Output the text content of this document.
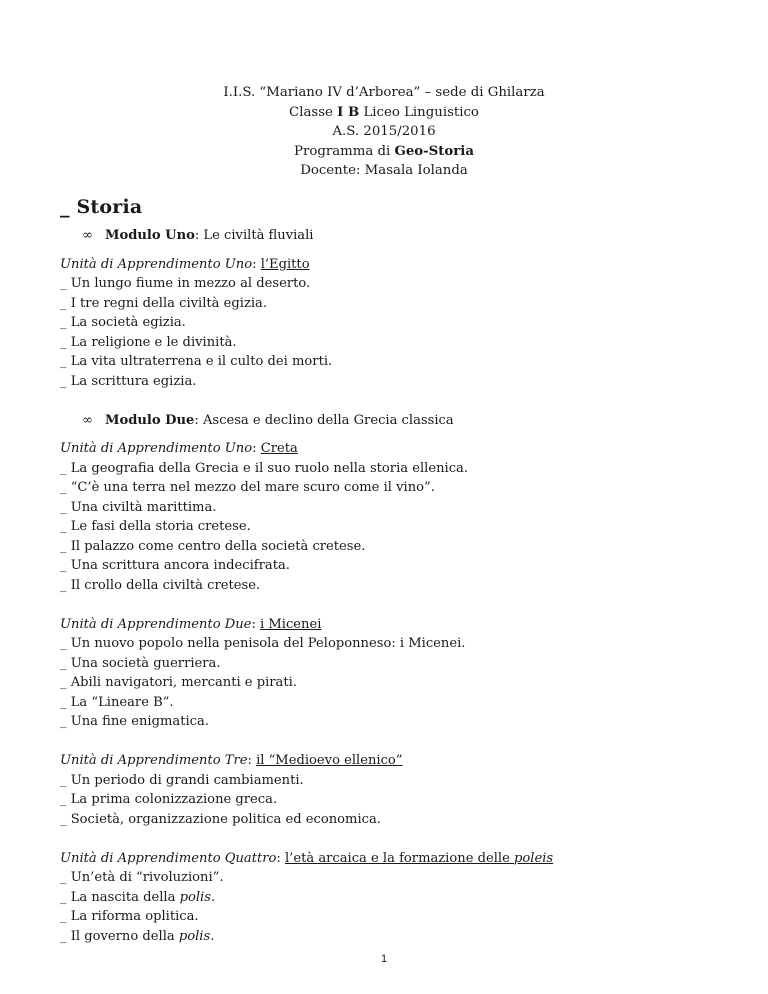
I.I.S. “Mariano IV d’Arborea” – sede di Ghilarza
Classe I B Liceo Linguistico
A.S. 2015/2016
Programma di Geo-Storia
Docente: Masala Iolanda
_ Storia
∞ Modulo Uno: Le civiltà fluviali
Unità di Apprendimento Uno: l’Egitto
_ Un lungo fiume in mezzo al deserto.
_ I tre regni della civiltà egizia.
_ La società egizia.
_ La religione e le divinità.
_ La vita ultraterrena e il culto dei morti.
_ La scrittura egizia.
∞ Modulo Due: Ascesa e declino della Grecia classica
Unità di Apprendimento Uno: Creta
_ La geografia della Grecia e il suo ruolo nella storia ellenica.
_ “C’è una terra nel mezzo del mare scuro come il vino”.
_ Una civiltà marittima.
_ Le fasi della storia cretese.
_ Il palazzo come centro della società cretese.
_ Una scrittura ancora indecifrata.
_ Il crollo della civiltà cretese.
Unità di Apprendimento Due: i Micenei
_ Un nuovo popolo nella penisola del Peloponneso: i Micenei.
_ Una società guerriera.
_ Abili navigatori, mercanti e pirati.
_ La “Lineare B”.
_ Una fine enigmatica.
Unità di Apprendimento Tre: il “Medioevo ellenico”
_ Un periodo di grandi cambiamenti.
_ La prima colonizzazione greca.
_ Società, organizzazione politica ed economica.
Unità di Apprendimento Quattro: l’età arcaica e la formazione delle poleis
_ Un’età di “rivoluzioni”.
_ La nascita della polis.
_ La riforma oplitica.
_ Il governo della polis.
1
